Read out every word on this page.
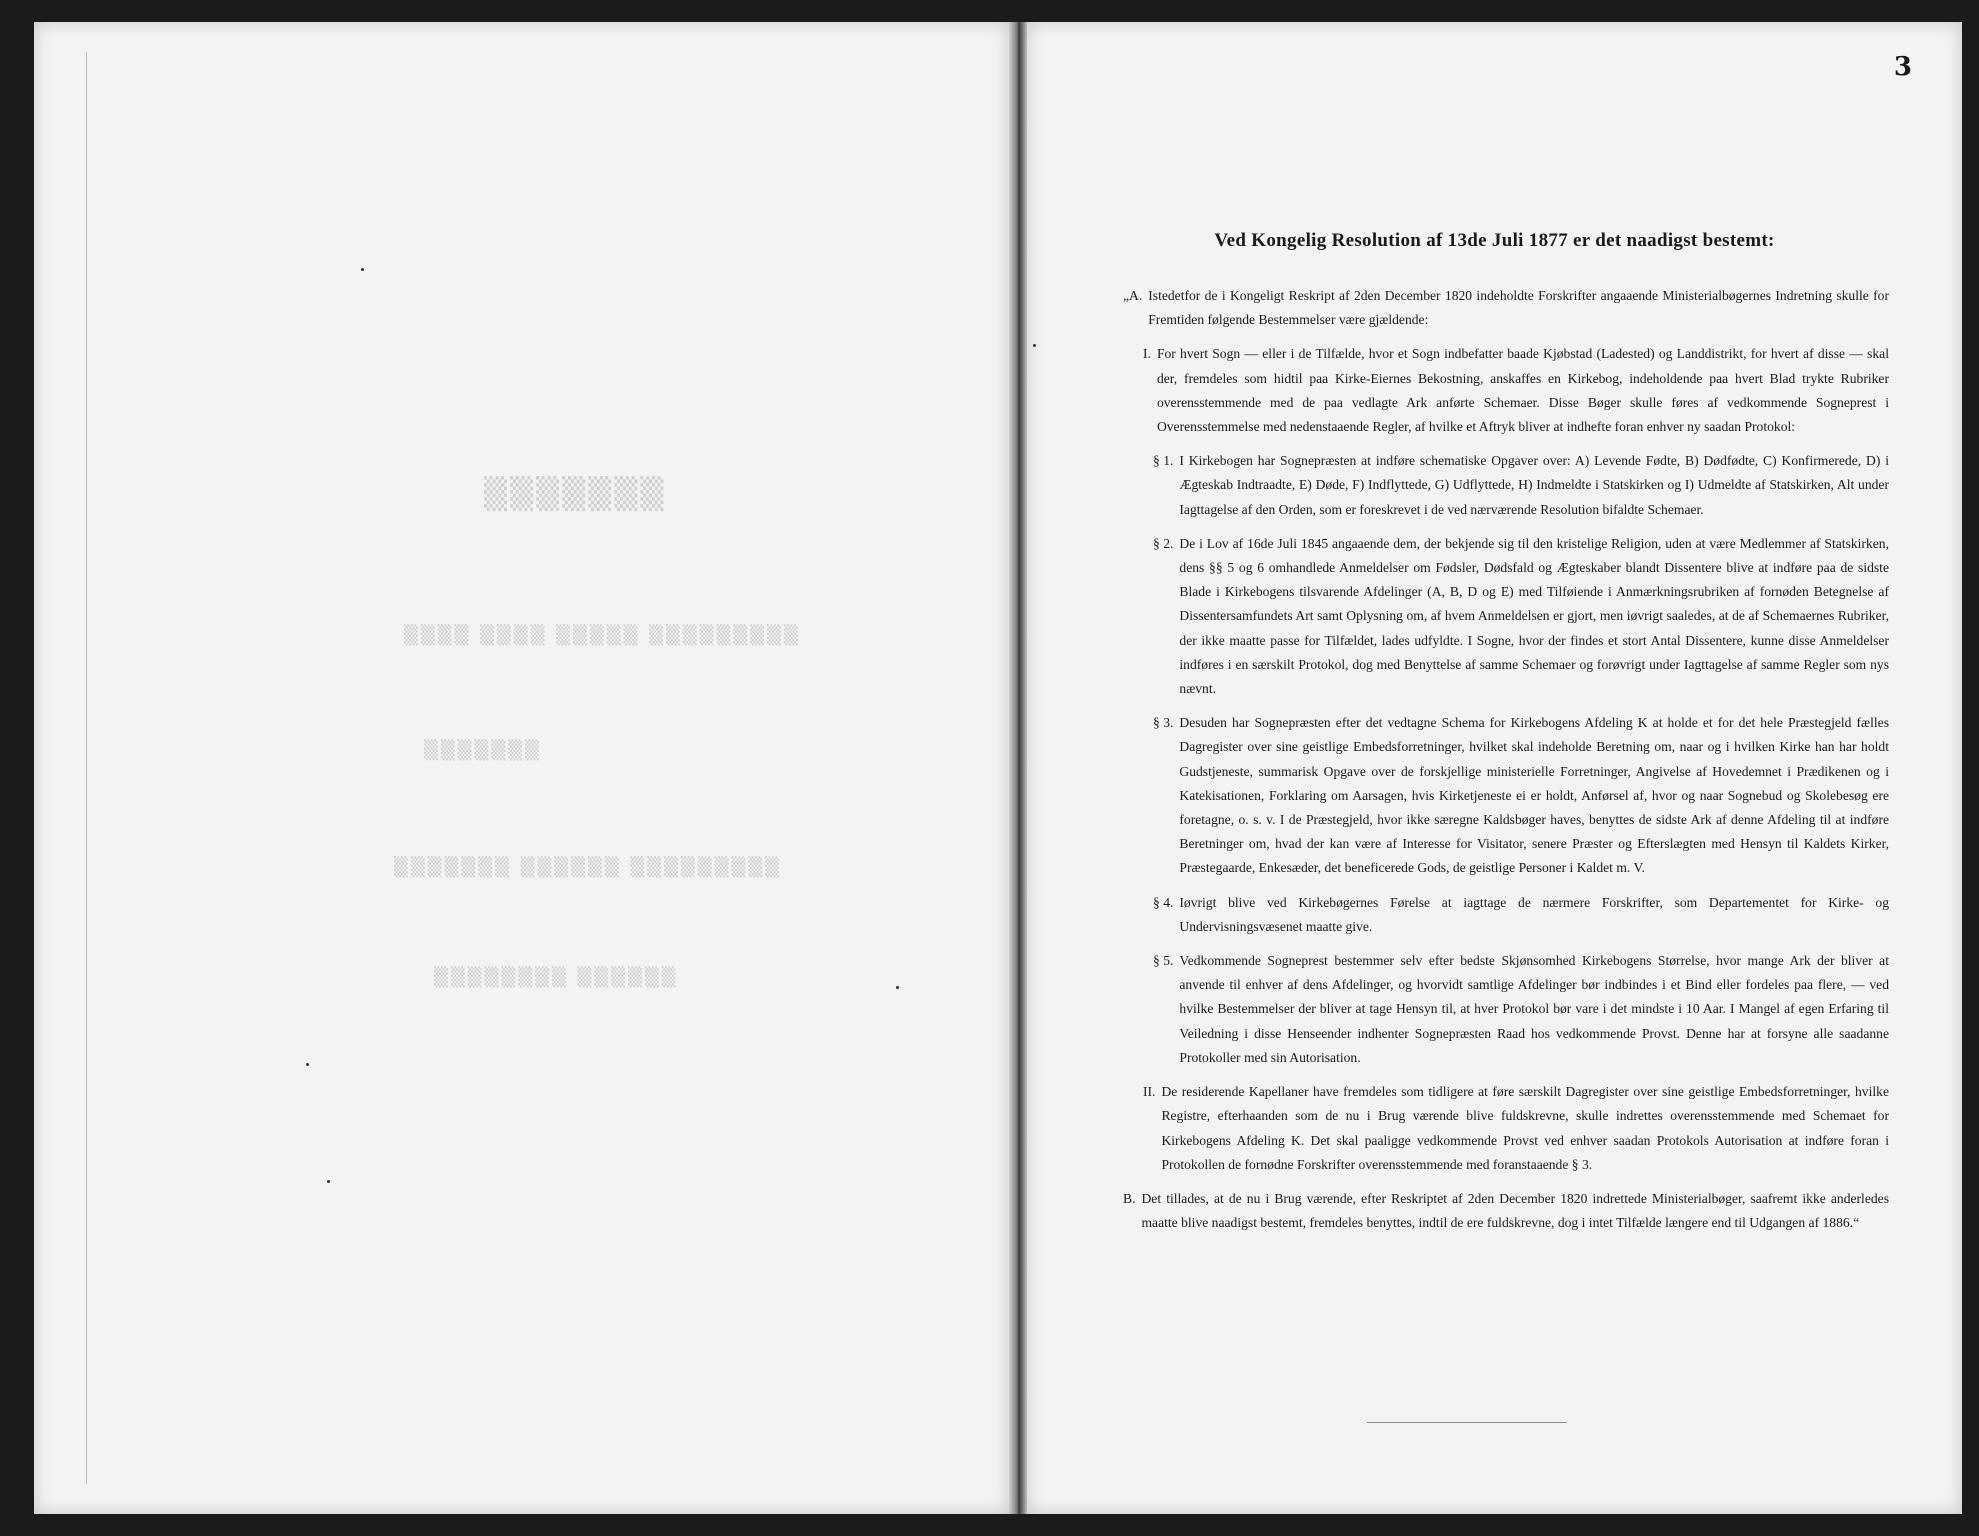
▒▒▒▒▒▒▒
▒▒▒▒ ▒▒▒▒ ▒▒▒▒▒ ▒▒▒▒▒▒▒▒▒
▒▒▒▒▒▒▒
▒▒▒▒▒▒▒ ▒▒▒▒▒▒ ▒▒▒▒▒▒▒▒▒
▒▒▒▒▒▒▒▒ ▒▒▒▒▒▒
3
Ved Kongelig Resolution af 13de Juli 1877 er det naadigst bestemt:
„A. Istedetfor de i Kongeligt Reskript af 2den December 1820 indeholdte Forskrifter angaaende Ministerialbøgernes Indretning skulle for Fremtiden følgende Bestemmelser være gjældende:
I. For hvert Sogn — eller i de Tilfælde, hvor et Sogn indbefatter baade Kjøbstad (Ladested) og Landdistrikt, for hvert af disse — skal der, fremdeles som hidtil paa Kirke-Eiernes Bekostning, anskaffes en Kirkebog, indeholdende paa hvert Blad trykte Rubriker overensstemmende med de paa vedlagte Ark anførte Schemaer. Disse Bøger skulle føres af vedkommende Sogneprest i Overensstemmelse med nedenstaaende Regler, af hvilke et Aftryk bliver at indhefte foran enhver ny saadan Protokol:
§ 1. I Kirkebogen har Sognepræsten at indføre schematiske Opgaver over: A) Levende Fødte, B) Dødfødte, C) Konfirmerede, D) i Ægteskab Indtraadte, E) Døde, F) Indflyttede, G) Udflyttede, H) Indmeldte i Statskirken og I) Udmeldte af Statskirken, Alt under Iagttagelse af den Orden, som er foreskrevet i de ved nærværende Resolution bifaldte Schemaer.
§ 2. De i Lov af 16de Juli 1845 angaaende dem, der bekjende sig til den kristelige Religion, uden at være Medlemmer af Statskirken, dens §§ 5 og 6 omhandlede Anmeldelser om Fødsler, Dødsfald og Ægteskaber blandt Dissentere blive at indføre paa de sidste Blade i Kirkebogens tilsvarende Afdelinger (A, B, D og E) med Tilføiende i Anmærkningsrubriken af fornøden Betegnelse af Dissentersamfundets Art samt Oplysning om, af hvem Anmeldelsen er gjort, men iøvrigt saaledes, at de af Schemaernes Rubriker, der ikke maatte passe for Tilfældet, lades udfyldte. I Sogne, hvor der findes et stort Antal Dissentere, kunne disse Anmeldelser indføres i en særskilt Protokol, dog med Benyttelse af samme Schemaer og forøvrigt under Iagttagelse af samme Regler som nys nævnt.
§ 3. Desuden har Sognepræsten efter det vedtagne Schema for Kirkebogens Afdeling K at holde et for det hele Præstegjeld fælles Dagregister over sine geistlige Embedsforretninger, hvilket skal indeholde Beretning om, naar og i hvilken Kirke han har holdt Gudstjeneste, summarisk Opgave over de forskjellige ministerielle Forretninger, Angivelse af Hovedemnet i Prædikenen og i Katekisationen, Forklaring om Aarsagen, hvis Kirketjeneste ei er holdt, Anførsel af, hvor og naar Sognebud og Skolebesøg ere foretagne, o. s. v. I de Præstegjeld, hvor ikke særegne Kaldsbøger haves, benyttes de sidste Ark af denne Afdeling til at indføre Beretninger om, hvad der kan være af Interesse for Visitator, senere Præster og Efterslægten med Hensyn til Kaldets Kirker, Præstegaarde, Enkesæder, det beneficerede Gods, de geistlige Personer i Kaldet m. V.
§ 4. Iøvrigt blive ved Kirkebøgernes Førelse at iagttage de nærmere Forskrifter, som Departementet for Kirke- og Undervisningsvæsenet maatte give.
§ 5. Vedkommende Sogneprest bestemmer selv efter bedste Skjønsomhed Kirkebogens Størrelse, hvor mange Ark der bliver at anvende til enhver af dens Afdelinger, og hvorvidt samtlige Afdelinger bør indbindes i et Bind eller fordeles paa flere, — ved hvilke Bestemmelser der bliver at tage Hensyn til, at hver Protokol bør vare i det mindste i 10 Aar. I Mangel af egen Erfaring til Veiledning i disse Henseender indhenter Sognepræsten Raad hos vedkommende Provst. Denne har at forsyne alle saadanne Protokoller med sin Autorisation.
II. De residerende Kapellaner have fremdeles som tidligere at føre særskilt Dagregister over sine geistlige Embedsforretninger, hvilke Registre, efterhaanden som de nu i Brug værende blive fuldskrevne, skulle indrettes overensstemmende med Schemaet for Kirkebogens Afdeling K. Det skal paaligge vedkommende Provst ved enhver saadan Protokols Autorisation at indføre foran i Protokollen de fornødne Forskrifter overensstemmende med foranstaaende § 3.
B. Det tillades, at de nu i Brug værende, efter Reskriptet af 2den December 1820 indrettede Ministerialbøger, saafremt ikke anderledes maatte blive naadigst bestemt, fremdeles benyttes, indtil de ere fuldskrevne, dog i intet Tilfælde længere end til Udgangen af 1886.“
